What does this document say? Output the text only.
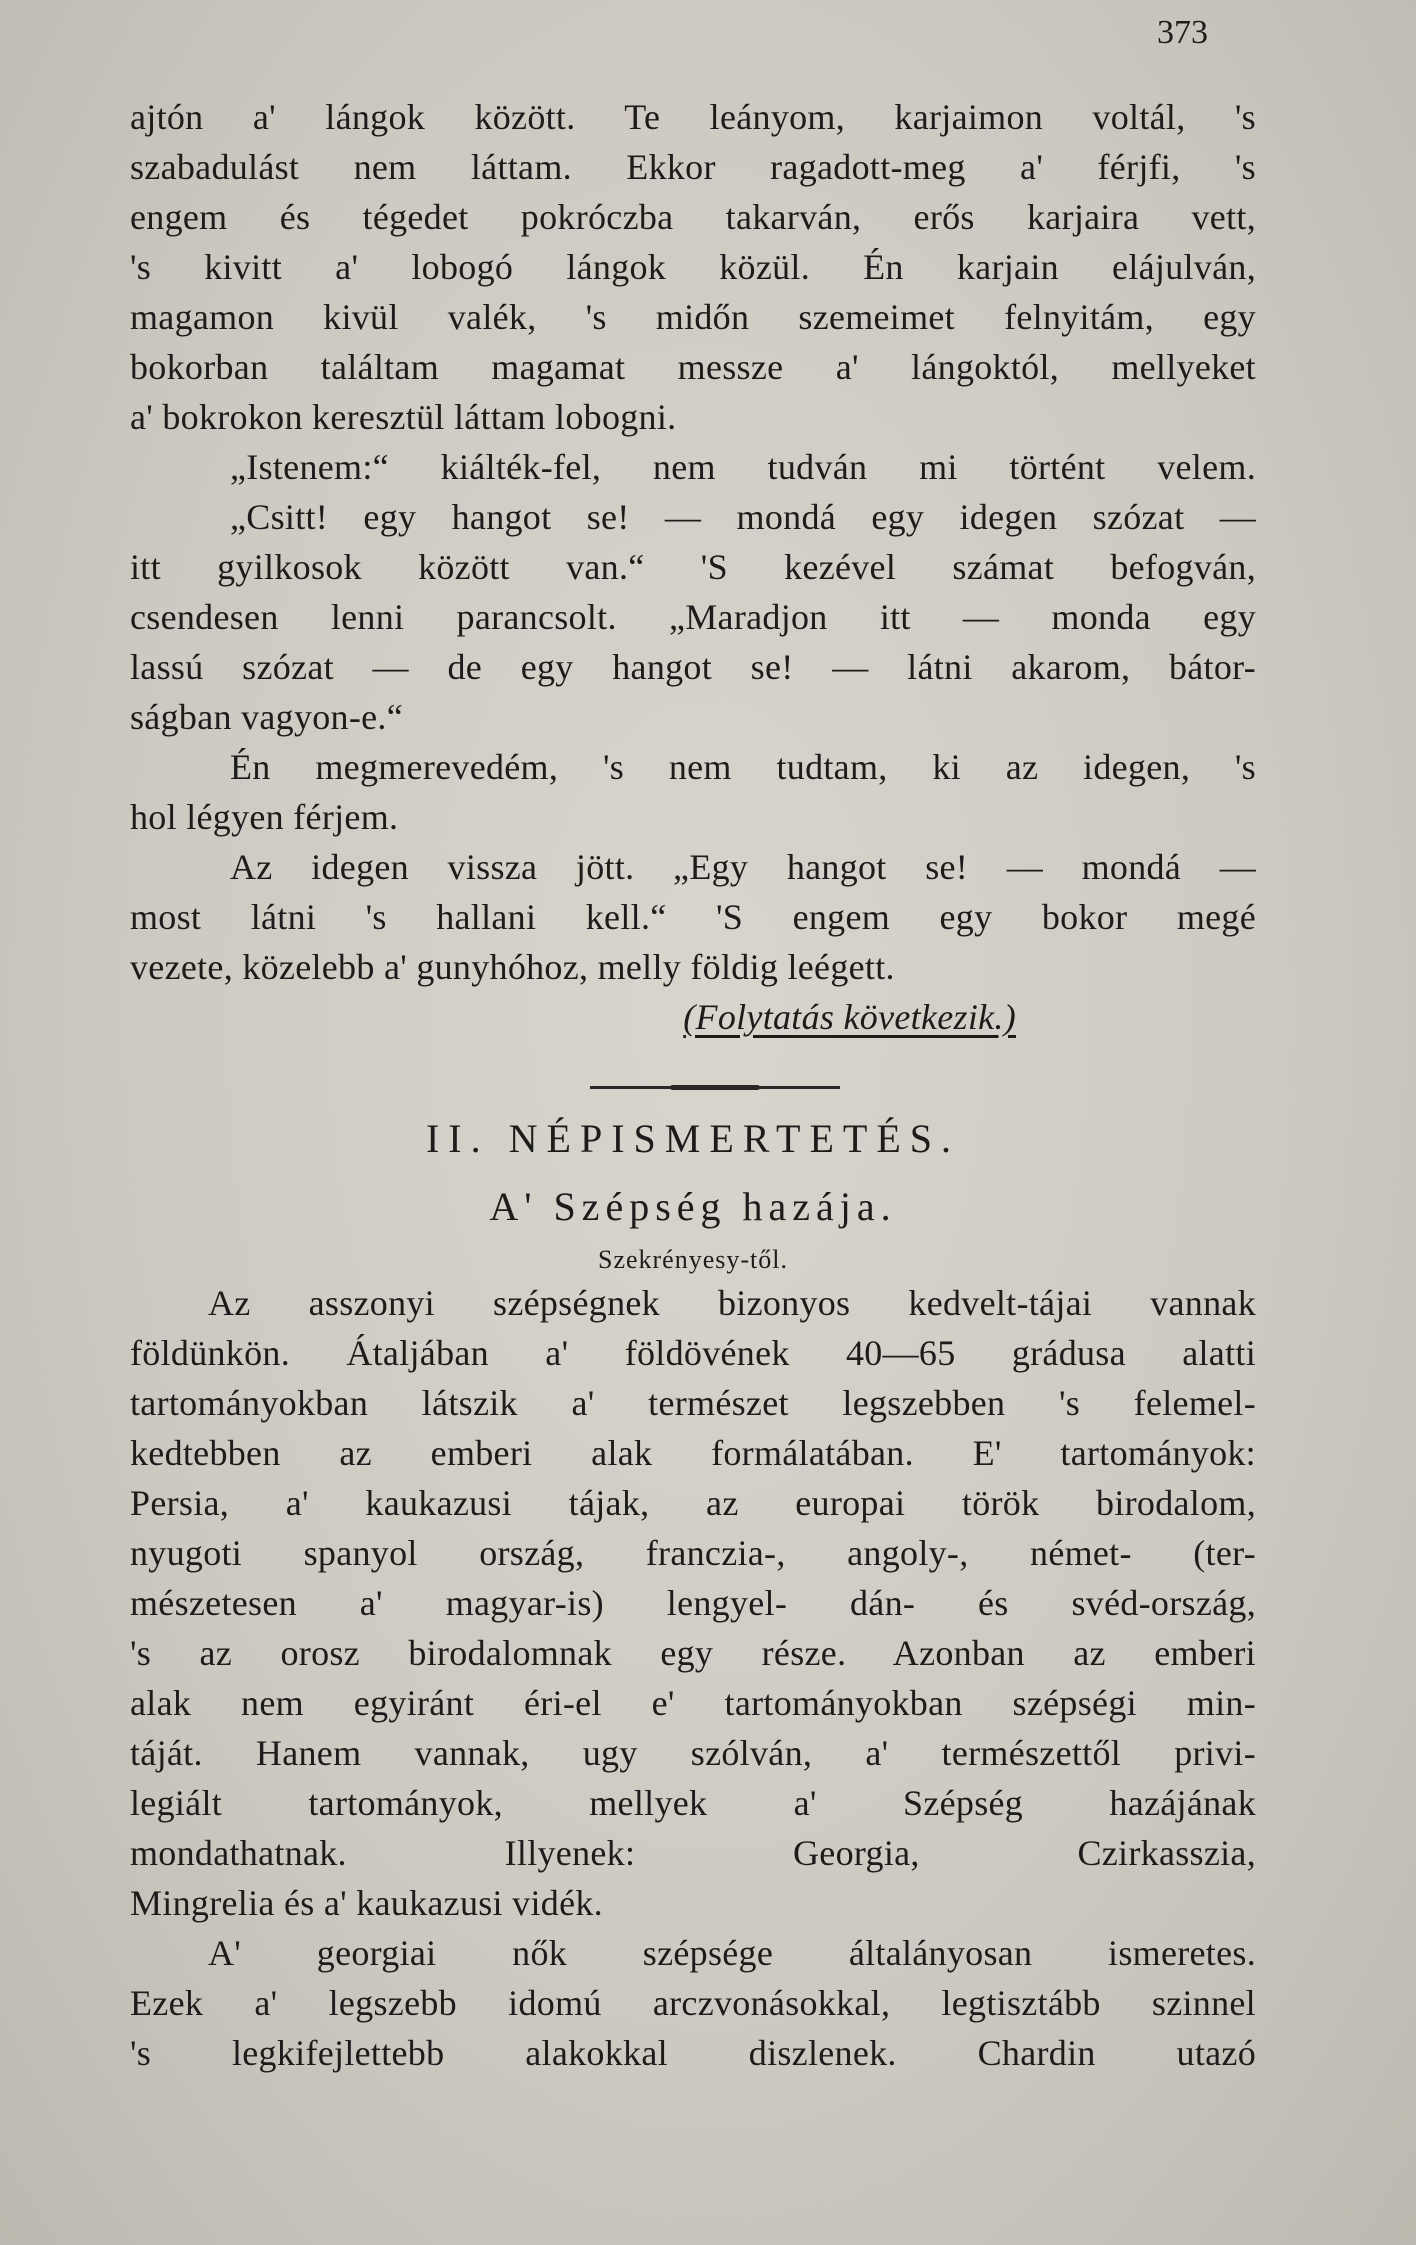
373
ajtón a' lángok között. Te leányom, karjaimon voltál, 's
szabadulást nem láttam. Ekkor ragadott-meg a' férjfi, 's
engem és tégedet pokróczba takarván, erős karjaira vett,
's kivitt a' lobogó lángok közül. Én karjain elájulván,
magamon kivül valék, 's midőn szemeimet felnyitám, egy
bokorban találtam magamat messze a' lángoktól, mellyeket
a' bokrokon keresztül láttam lobogni.
„Istenem:“ kiálték-fel, nem tudván mi történt velem.
„Csitt! egy hangot se! — mondá egy idegen szózat —
itt gyilkosok között van.“ 'S kezével számat befogván,
csendesen lenni parancsolt. „Maradjon itt — monda egy
lassú szózat — de egy hangot se! — látni akarom, bátor-
ságban vagyon-e.“
Én megmerevedém, 's nem tudtam, ki az idegen, 's
hol légyen férjem.
Az idegen vissza jött. „Egy hangot se! — mondá —
most látni 's hallani kell.“ 'S engem egy bokor megé
vezete, közelebb a' gunyhóhoz, melly földig leégett.
(Folytatás következik.)
II. NÉPISMERTETÉS.
A' Szépség hazája.
Szekrényesy-től.
Az asszonyi szépségnek bizonyos kedvelt-tájai vannak
földünkön. Átaljában a' földövének 40—65 grádusa alatti
tartományokban látszik a' természet legszebben 's felemel-
kedtebben az emberi alak formálatában. E' tartományok:
Persia, a' kaukazusi tájak, az europai török birodalom,
nyugoti spanyol ország, franczia-, angoly-, német- (ter-
mészetesen a' magyar-is) lengyel- dán- és svéd-ország,
's az orosz birodalomnak egy része. Azonban az emberi
alak nem egyiránt éri-el e' tartományokban szépségi min-
táját. Hanem vannak, ugy szólván, a' természettől privi-
legiált tartományok, mellyek a' Szépség hazájának
mondathatnak. Illyenek: Georgia, Czirkasszia,
Mingrelia és a' kaukazusi vidék.
A' georgiai nők szépsége általányosan ismeretes.
Ezek a' legszebb idomú arczvonásokkal, legtisztább szinnel
's legkifejlettebb alakokkal diszlenek. Chardin utazó
